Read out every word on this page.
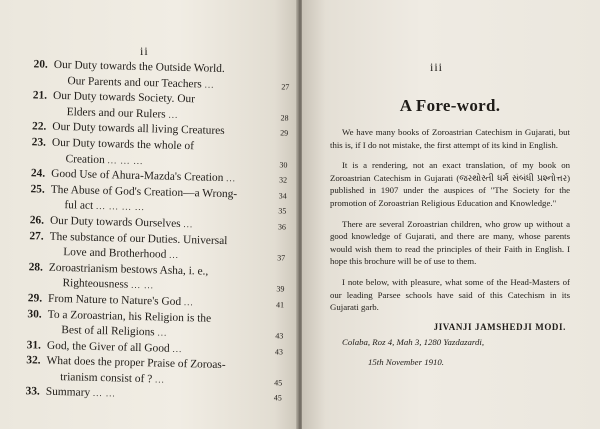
ii
20. Our Duty towards the Outside World.
Our Parents and our Teachers ...	27
21. Our Duty towards Society. Our
Elders and our Rulers ...	28
22. Our Duty towards all living Creatures	29
23. Our Duty towards the whole of
Creation ... ... ...	30
24. Good Use of Ahura-Mazda's Creation ...	32
25. The Abuse of God's Creation—a Wrong-	34
ful act ... ... ... ...	35
26. Our Duty towards Ourselves ...	36
27. The substance of our Duties. Universal
Love and Brotherhood ...	37
28. Zoroastrianism bestows Asha, i. e.,
Righteousness ... ...	39
29. From Nature to Nature's God ...	41
30. To a Zoroastrian, his Religion is the
Best of all Religions ...	43
31. God, the Giver of all Good ...	43
32. What does the proper Praise of Zoroas-
trianism consist of ? ...	45
33. Summary ... ...	45
iii
A Fore-word.

We have many books of Zoroastrian Catechism in Gujarati, but this is, if I do not mistake, the first attempt of its kind in English.

It is a rendering, not an exact translation, of my book on Zoroastrian Catechism in Gujarati (જરથોસ્તી ધર્મ સંબંધી પ્રશ્નોત્તર) published in 1907 under the auspices of "The Society for the promotion of Zoroastrian Religious Education and Knowledge."

There are several Zoroastrian children, who grow up without a good knowledge of Gujarati, and there are many, whose parents would wish them to read the principles of their Faith in English. I hope this brochure will be of use to them.

I note below, with pleasure, what some of the Head-Masters of our leading Parsee schools have said of this Catechism in its Gujarati garb.

JIVANJI JAMSHEDJI MODI.

Colaba, Roz 4, Mah 3, 1280 Yazdazardi,

15th November 1910.
